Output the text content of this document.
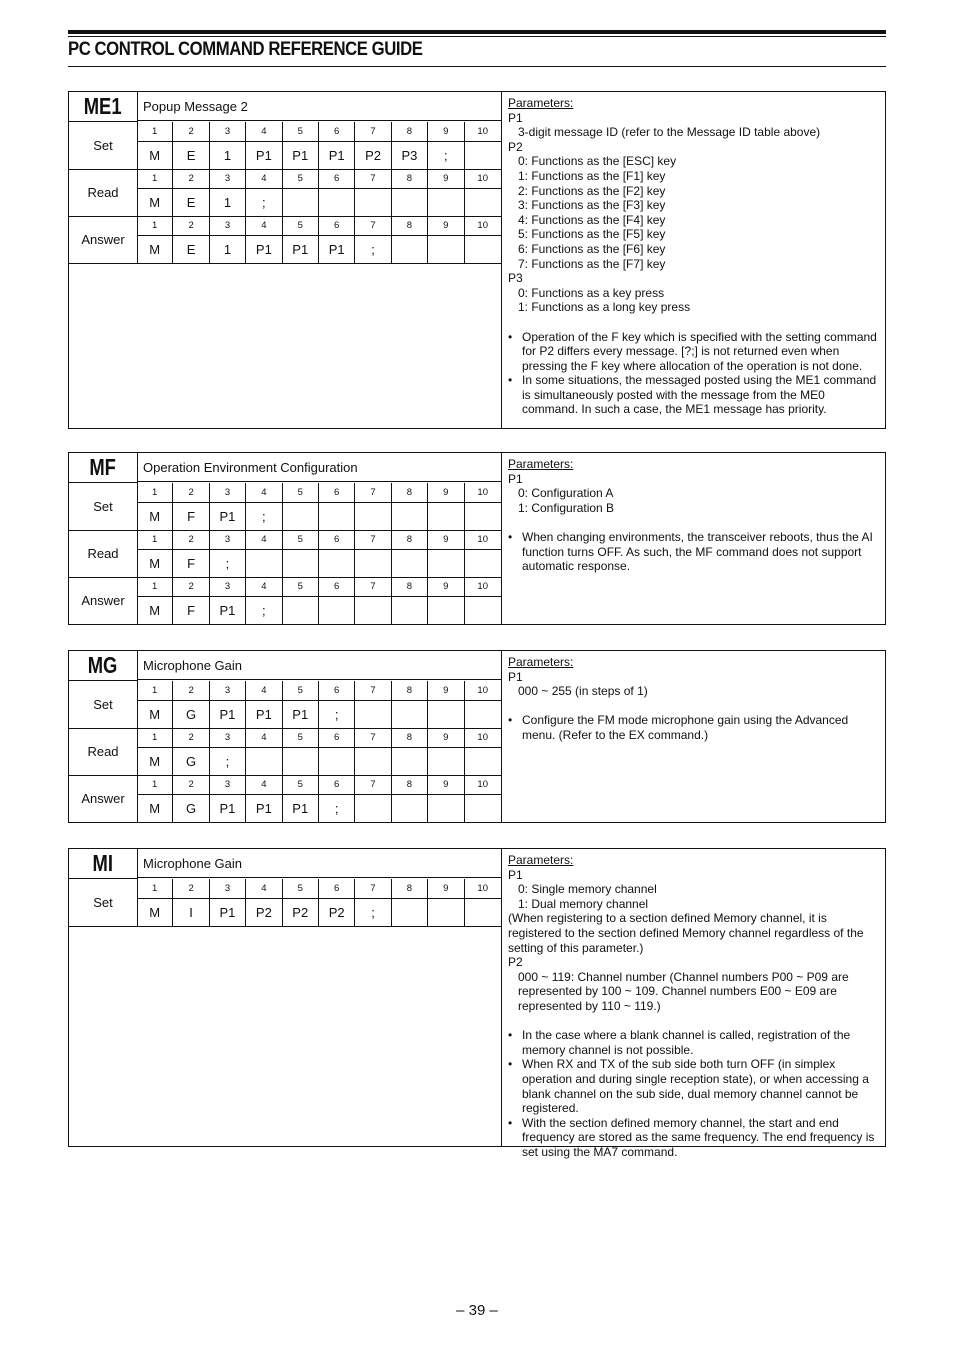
PC CONTROL COMMAND REFERENCE GUIDE
ME1	Popup Message 2
Set
1	2	3	4	5	6	7	8	9	10
M	E	1	P1	P1	P1	P2	P3	;
Read
1	2	3	4	5	6	7	8	9	10
M	E	1	;
Answer
1	2	3	4	5	6	7	8	9	10
M	E	1	P1	P1	P1	;
Parameters:
P1
3-digit message ID (refer to the Message ID table above)
P2
0: Functions as the [ESC] key
1: Functions as the [F1] key
2: Functions as the [F2] key
3: Functions as the [F3] key
4: Functions as the [F4] key
5: Functions as the [F5] key
6: Functions as the [F6] key
7: Functions as the [F7] key
P3
0: Functions as a key press
1: Functions as a long key press
• Operation of the F key which is specified with the setting command for P2 differs every message. [?;] is not returned even when pressing the F key where allocation of the operation is not done.
• In some situations, the messaged posted using the ME1 command is simultaneously posted with the message from the ME0 command. In such a case, the ME1 message has priority.
MF	Operation Environment Configuration
Set
1	2	3	4	5	6	7	8	9	10
M	F	P1	;
Read
1	2	3	4	5	6	7	8	9	10
M	F	;
Answer
1	2	3	4	5	6	7	8	9	10
M	F	P1	;
Parameters:
P1
0: Configuration A
1: Configuration B
• When changing environments, the transceiver reboots, thus the AI function turns OFF. As such, the MF command does not support automatic response.
MG	Microphone Gain
Set
1	2	3	4	5	6	7	8	9	10
M	G	P1	P1	P1	;
Read
1	2	3	4	5	6	7	8	9	10
M	G	;
Answer
1	2	3	4	5	6	7	8	9	10
M	G	P1	P1	P1	;
Parameters:
P1
000 ~ 255 (in steps of 1)
• Configure the FM mode microphone gain using the Advanced menu. (Refer to the EX command.)
MI	Microphone Gain
Set
1	2	3	4	5	6	7	8	9	10
M	I	P1	P2	P2	P2	;
Parameters:
P1
0: Single memory channel
1: Dual memory channel
(When registering to a section defined Memory channel, it is registered to the section defined Memory channel regardless of the setting of this parameter.)
P2
000 ~ 119: Channel number (Channel numbers P00 ~ P09 are represented by 100 ~ 109. Channel numbers E00 ~ E09 are represented by 110 ~ 119.)
• In the case where a blank channel is called, registration of the memory channel is not possible.
• When RX and TX of the sub side both turn OFF (in simplex operation and during single reception state), or when accessing a blank channel on the sub side, dual memory channel cannot be registered.
• With the section defined memory channel, the start and end frequency are stored as the same frequency. The end frequency is set using the MA7 command.
– 39 –
